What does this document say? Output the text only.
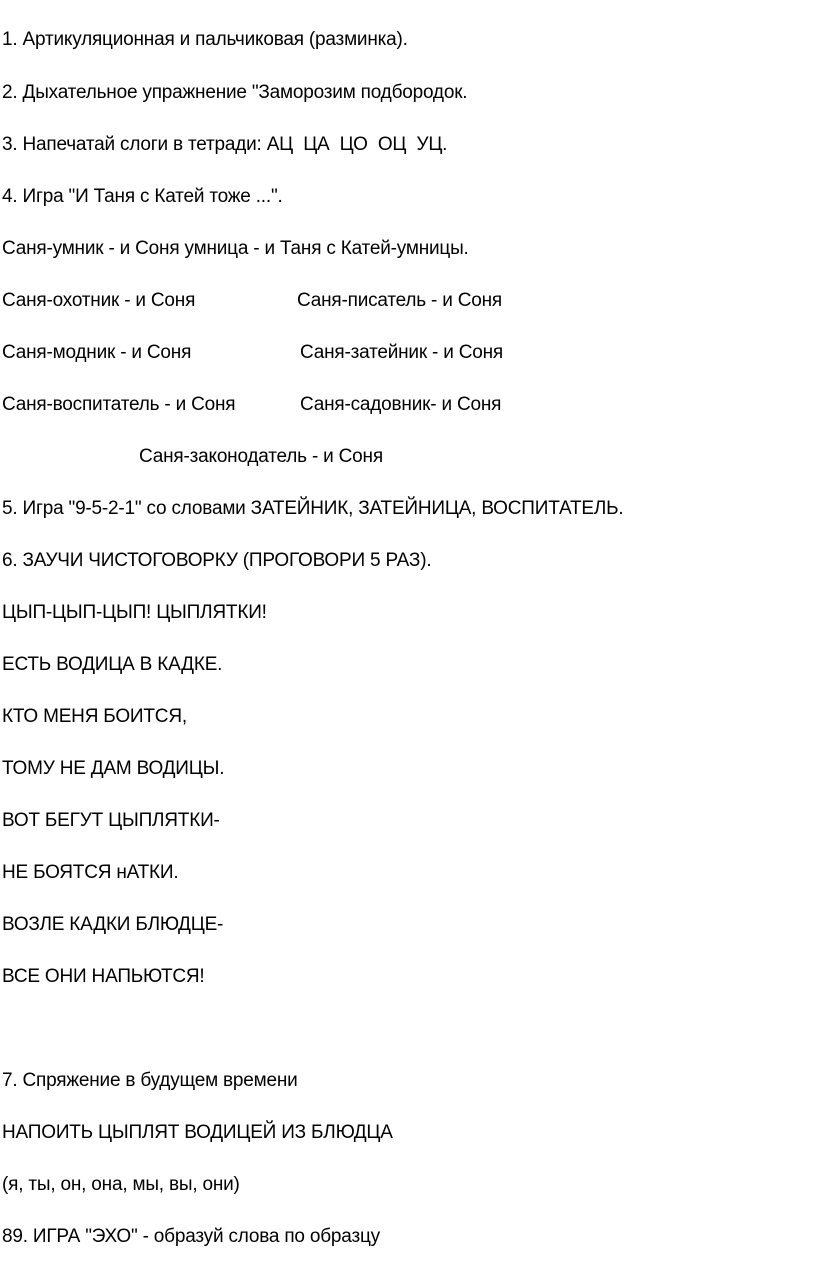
1. Артикуляционная и пальчиковая (разминка).
2. Дыхательное упражнение "Заморозим подбородок.
3. Напечатай слоги в тетради: АЦ  ЦА  ЦО  ОЦ  УЦ.
4. Игра "И Таня с Катей тоже ...".
Саня-умник - и Соня умница - и Таня с Катей-умницы.
Саня-охотник - и Соня	Саня-писатель - и Соня
Саня-модник - и Соня	Саня-затейник - и Соня
Саня-воспитатель - и Соня	Саня-садовник- и Соня
Саня-законодатель - и Соня
5. Игра "9-5-2-1" со словами ЗАТЕЙНИК, ЗАТЕЙНИЦА, ВОСПИТАТЕЛЬ.
6. ЗАУЧИ ЧИСТОГОВОРКУ (ПРОГОВОРИ 5 РАЗ).
ЦЫП-ЦЫП-ЦЫП! ЦЫПЛЯТКИ!
ЕСТЬ ВОДИЦА В КАДКЕ.
КТО МЕНЯ БОИТСЯ,
ТОМУ НЕ ДАМ ВОДИЦЫ.
ВОТ БЕГУТ ЦЫПЛЯТКИ-
НЕ БОЯТСЯ нАТКИ.
ВОЗЛЕ КАДКИ БЛЮДЦЕ-
ВСЕ ОНИ НАПЬЮТСЯ!
7. Спряжение в будущем времени
НАПОИТЬ ЦЫПЛЯТ ВОДИЦЕЙ ИЗ БЛЮДЦА
(я, ты, он, она, мы, вы, они)
89. ИГРА "ЭХО" - образуй слова по образцу
